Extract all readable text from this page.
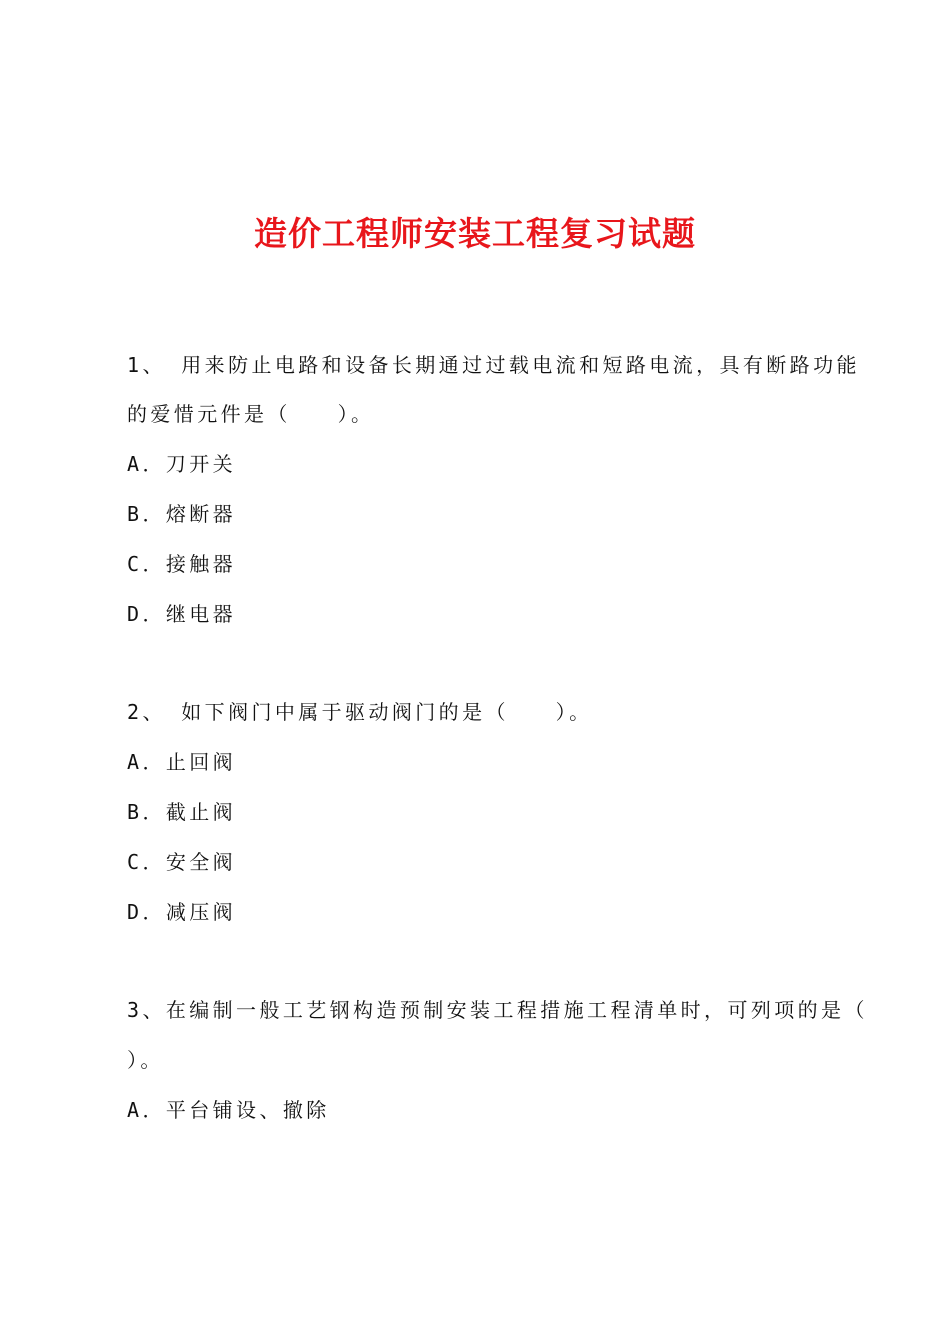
造价工程师安装工程复习试题
1、 用来防止电路和设备长期通过过载电流和短路电流，具有断路功能
的爱惜元件是（　　）。
A．刀开关
B．熔断器
C．接触器
D．继电器
2、 如下阀门中属于驱动阀门的是（　　）。
A．止回阀
B．截止阀
C．安全阀
D．减压阀
3、在编制一般工艺钢构造预制安装工程措施工程清单时，可列项的是（
）。
A．平台铺设、撤除
